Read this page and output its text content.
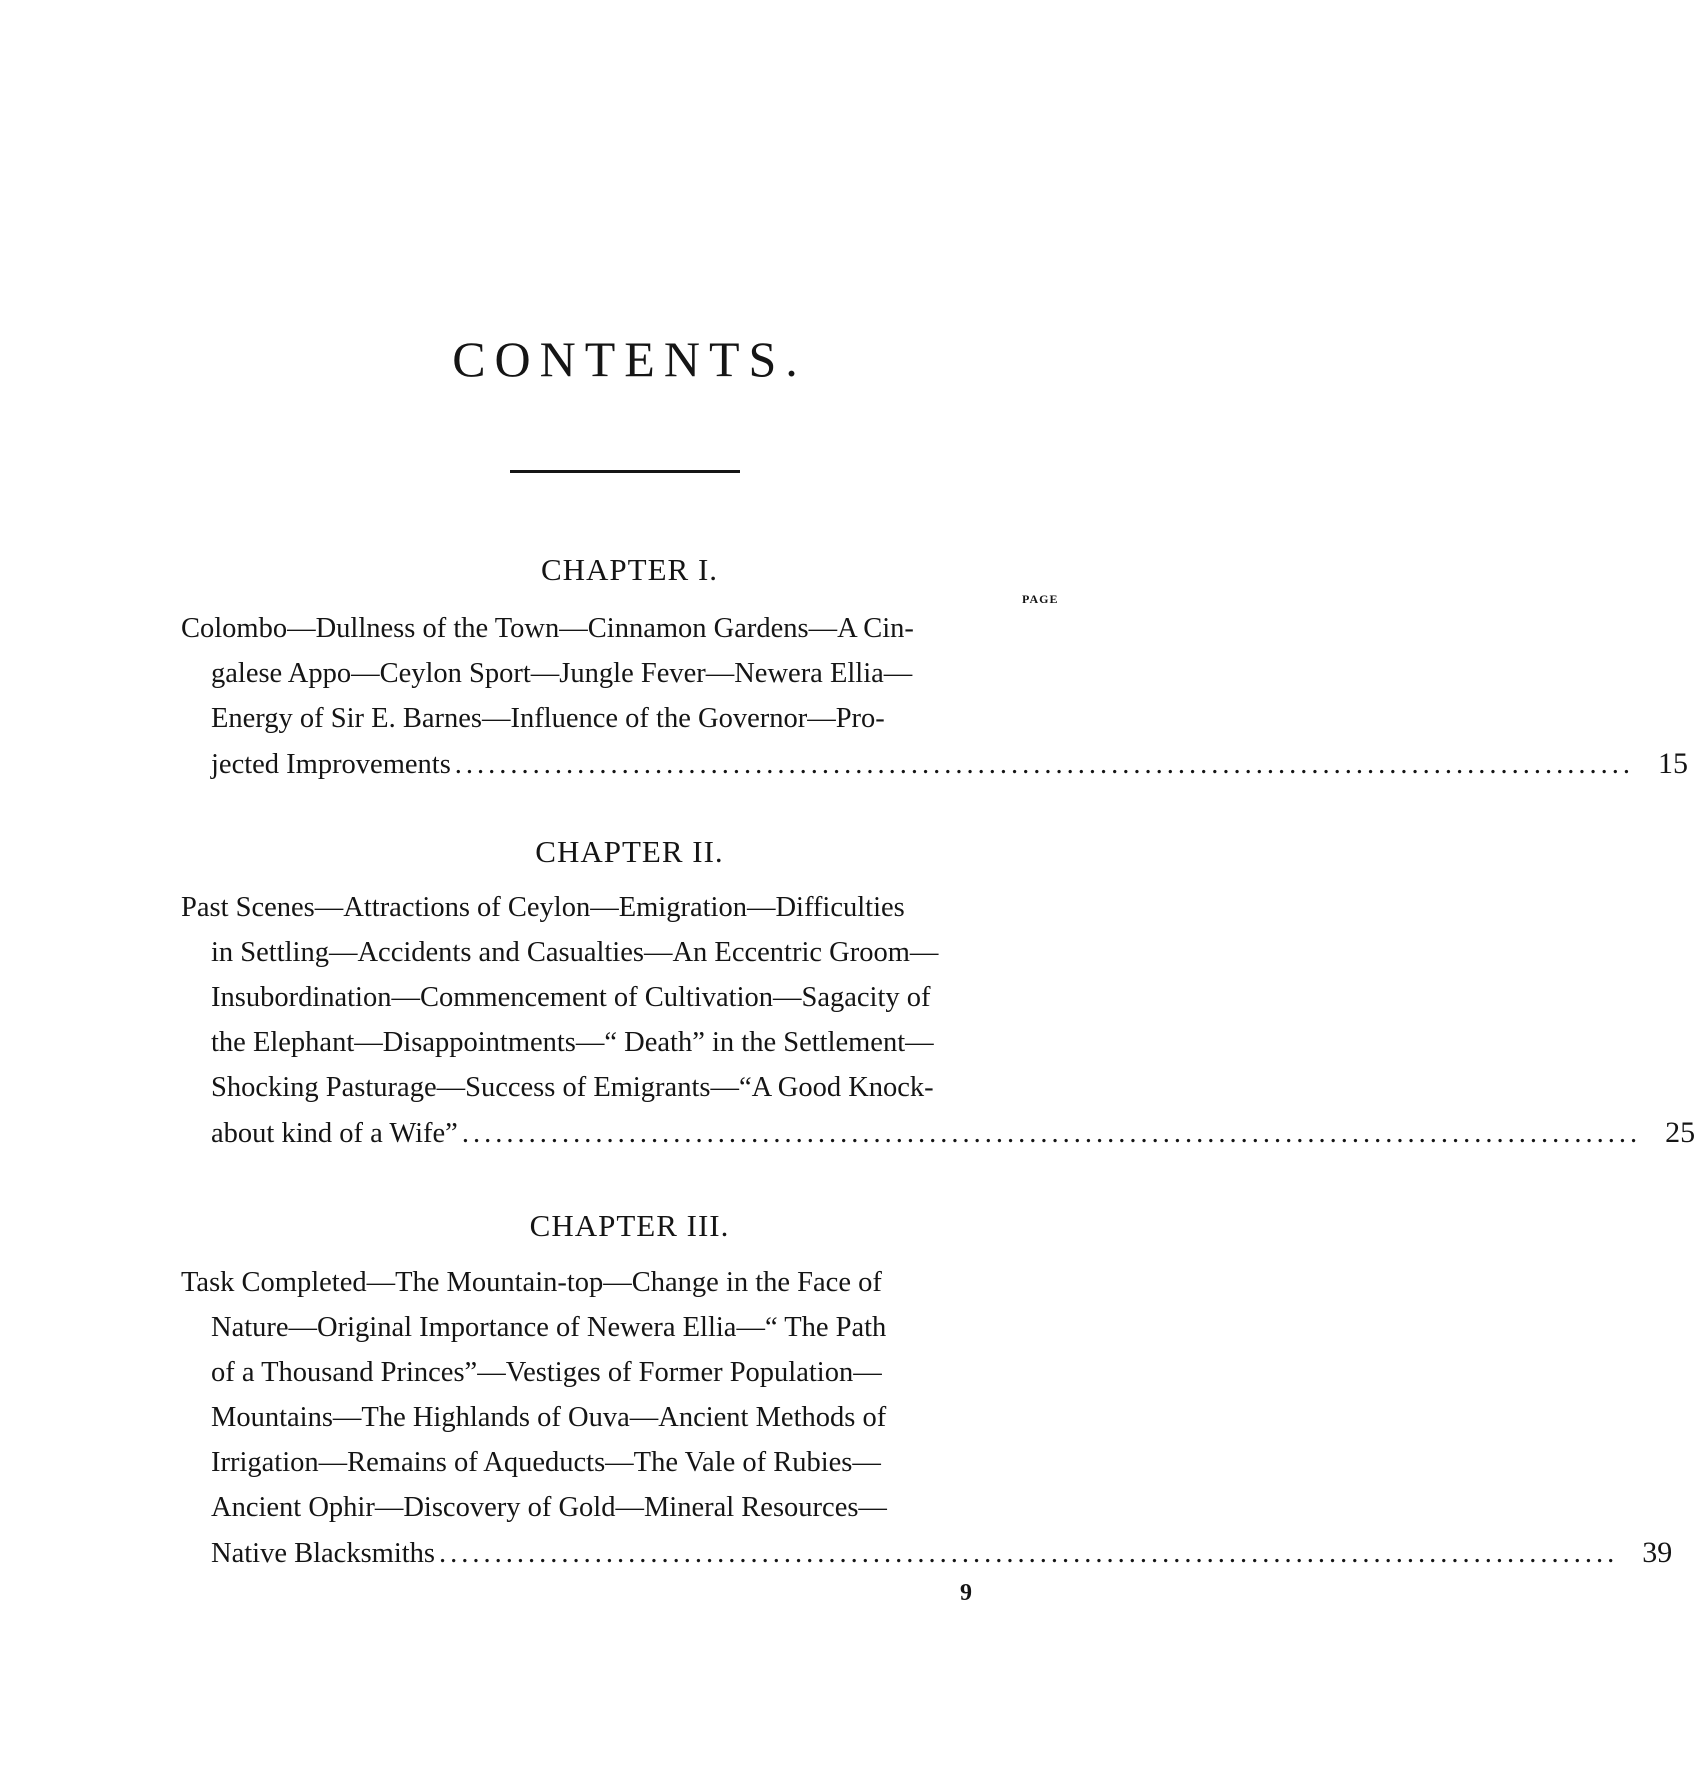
CONTENTS.
CHAPTER I.
PAGE
Colombo—Dullness of the Town—Cinnamon Gardens—A Cin-
galese Appo—Ceylon Sport—Jungle Fever—Newera Ellia—
Energy of Sir E. Barnes—Influence of the Governor—Pro-
jected Improvements .......................................................................................................... 15
CHAPTER II.
Past Scenes—Attractions of Ceylon—Emigration—Difficulties
in Settling—Accidents and Casualties—An Eccentric Groom—
Insubordination—Commencement of Cultivation—Sagacity of
the Elephant—Disappointments—“ Death” in the Settlement—
Shocking Pasturage—Success of Emigrants—“A Good Knock-
about kind of a Wife” .......................................................................................................... 25
CHAPTER III.
Task Completed—The Mountain-top—Change in the Face of
Nature—Original Importance of Newera Ellia—“ The Path
of a Thousand Princes”—Vestiges of Former Population—
Mountains—The Highlands of Ouva—Ancient Methods of
Irrigation—Remains of Aqueducts—The Vale of Rubies—
Ancient Ophir—Discovery of Gold—Mineral Resources—
Native Blacksmiths .......................................................................................................... 39
9
